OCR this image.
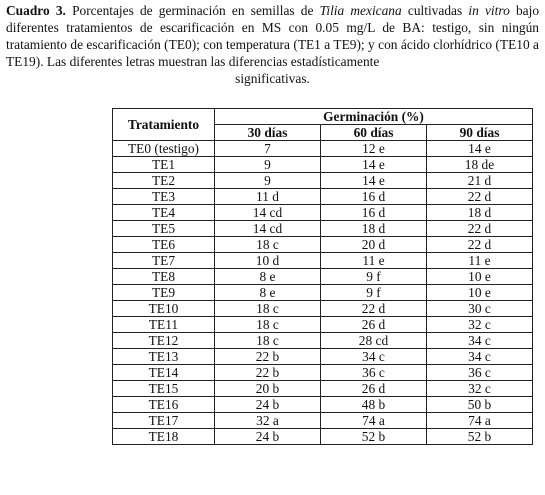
Cuadro 3. Porcentajes de germinación en semillas de Tilia mexicana cultivadas in vitro bajo diferentes tratamientos de escarificación en MS con 0.05 mg/L de BA: testigo, sin ningún tratamiento de escarificación (TE0); con temperatura (TE1 a TE9); y con ácido clorhídrico (TE10 a TE19). Las diferentes letras muestran las diferencias estadísticamente
significativas.
Tratamiento	Germinación (%)		
	30 días	60 días	90 días
TE0 (testigo)	7	12 e	14 e
TE1	9	14 e	18 de
TE2	9	14 e	21 d
TE3	11 d	16 d	22 d
TE4	14 cd	16 d	18 d
TE5	14 cd	18 d	22 d
TE6	18 c	20 d	22 d
TE7	10 d	11 e	11 e
TE8	8 e	9 f	10 e
TE9	8 e	9 f	10 e
TE10	18 c	22 d	30 c
TE11	18 c	26 d	32 c
TE12	18 c	28 cd	34 c
TE13	22 b	34 c	34 c
TE14	22 b	36 c	36 c
TE15	20 b	26 d	32 c
TE16	24 b	48 b	50 b
TE17	32 a	74 a	74 a
TE18	24 b	52 b	52 b
